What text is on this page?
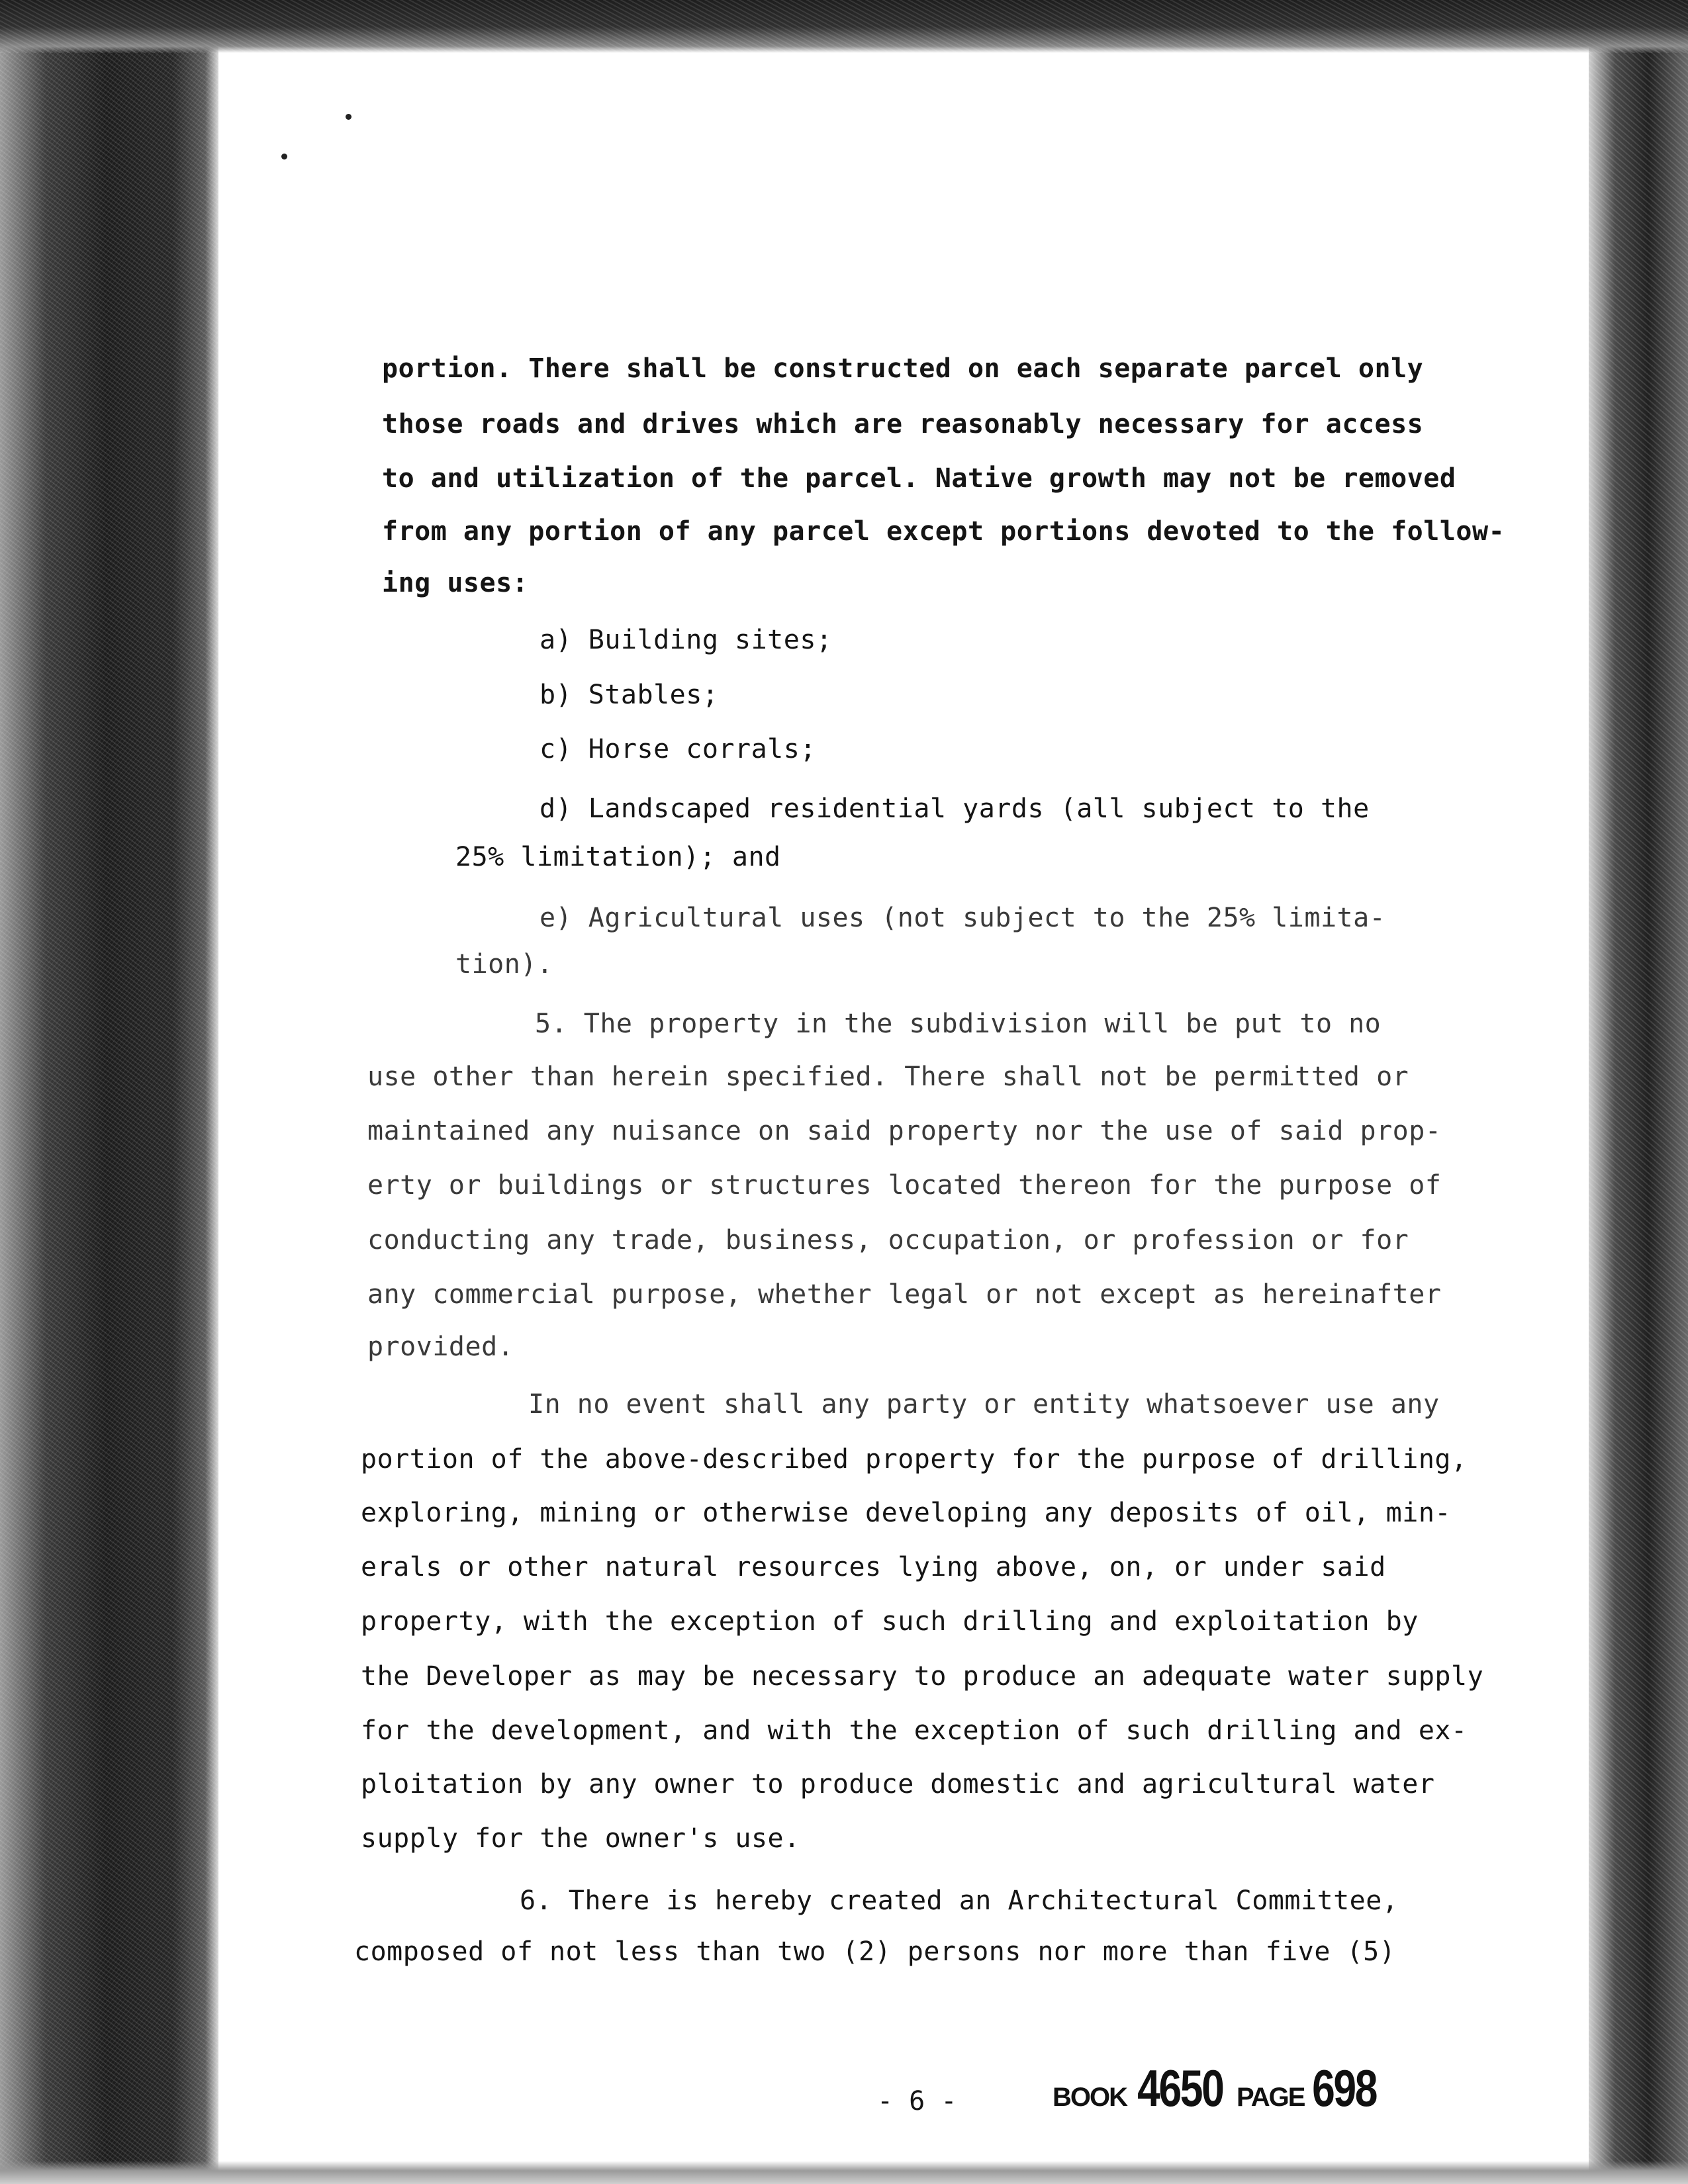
portion. There shall be constructed on each separate parcel only
those roads and drives which are reasonably necessary for access
to and utilization of the parcel. Native growth may not be removed
from any portion of any parcel except portions devoted to the follow-
ing uses:
a) Building sites;
b) Stables;
c) Horse corrals;
d) Landscaped residential yards (all subject to the
25% limitation); and
e) Agricultural uses (not subject to the 25% limita-
tion).
5. The property in the subdivision will be put to no
use other than herein specified. There shall not be permitted or
maintained any nuisance on said property nor the use of said prop-
erty or buildings or structures located thereon for the purpose of
conducting any trade, business, occupation, or profession or for
any commercial purpose, whether legal or not except as hereinafter
provided.
In no event shall any party or entity whatsoever use any
portion of the above-described property for the purpose of drilling,
exploring, mining or otherwise developing any deposits of oil, min-
erals or other natural resources lying above, on, or under said
property, with the exception of such drilling and exploitation by
the Developer as may be necessary to produce an adequate water supply
for the development, and with the exception of such drilling and ex-
ploitation by any owner to produce domestic and agricultural water
supply for the owner's use.
6. There is hereby created an Architectural Committee,
composed of not less than two (2) persons nor more than five (5)
- 6 -	BOOK 4650 PAGE 698
